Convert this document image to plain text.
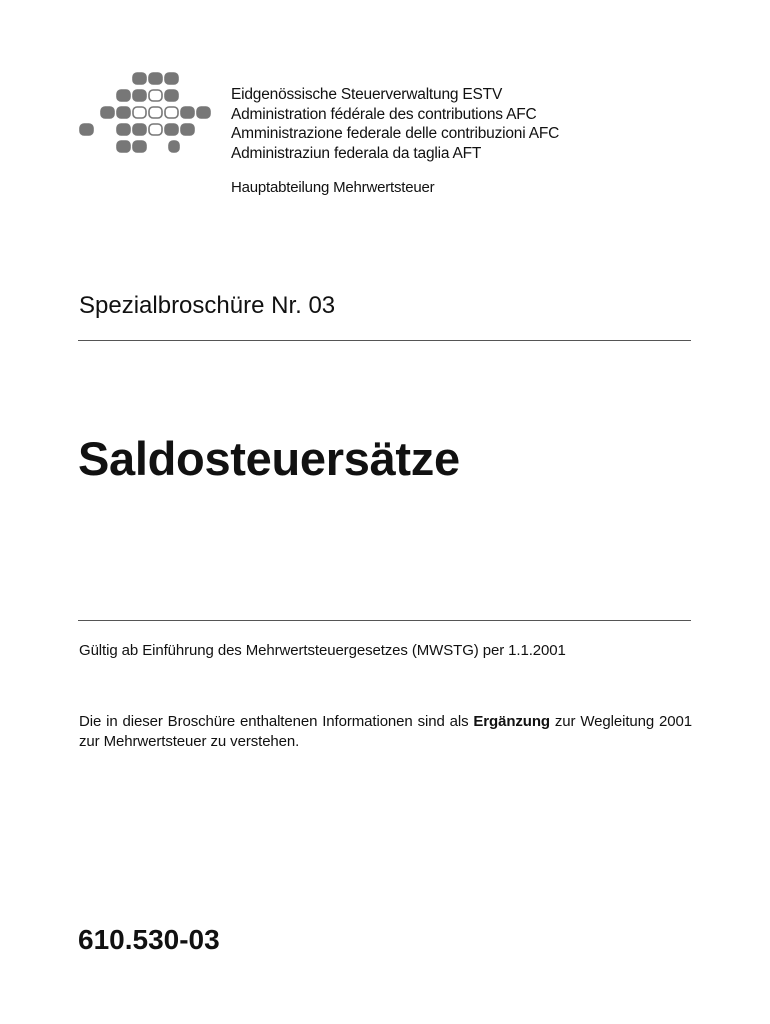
Eidgenössische Steuerverwaltung ESTV
Administration fédérale des contributions AFC
Amministrazione federale delle contribuzioni AFC
Administraziun federala da taglia AFT
Hauptabteilung Mehrwertsteuer
Spezialbroschüre Nr. 03
Saldosteuersätze
Gültig ab Einführung des Mehrwertsteuergesetzes (MWSTG) per 1.1.2001
Die in dieser Broschüre enthaltenen Informationen sind als Ergänzung zur Wegleitung 2001 zur Mehrwertsteuer zu verstehen.
610.530-03
